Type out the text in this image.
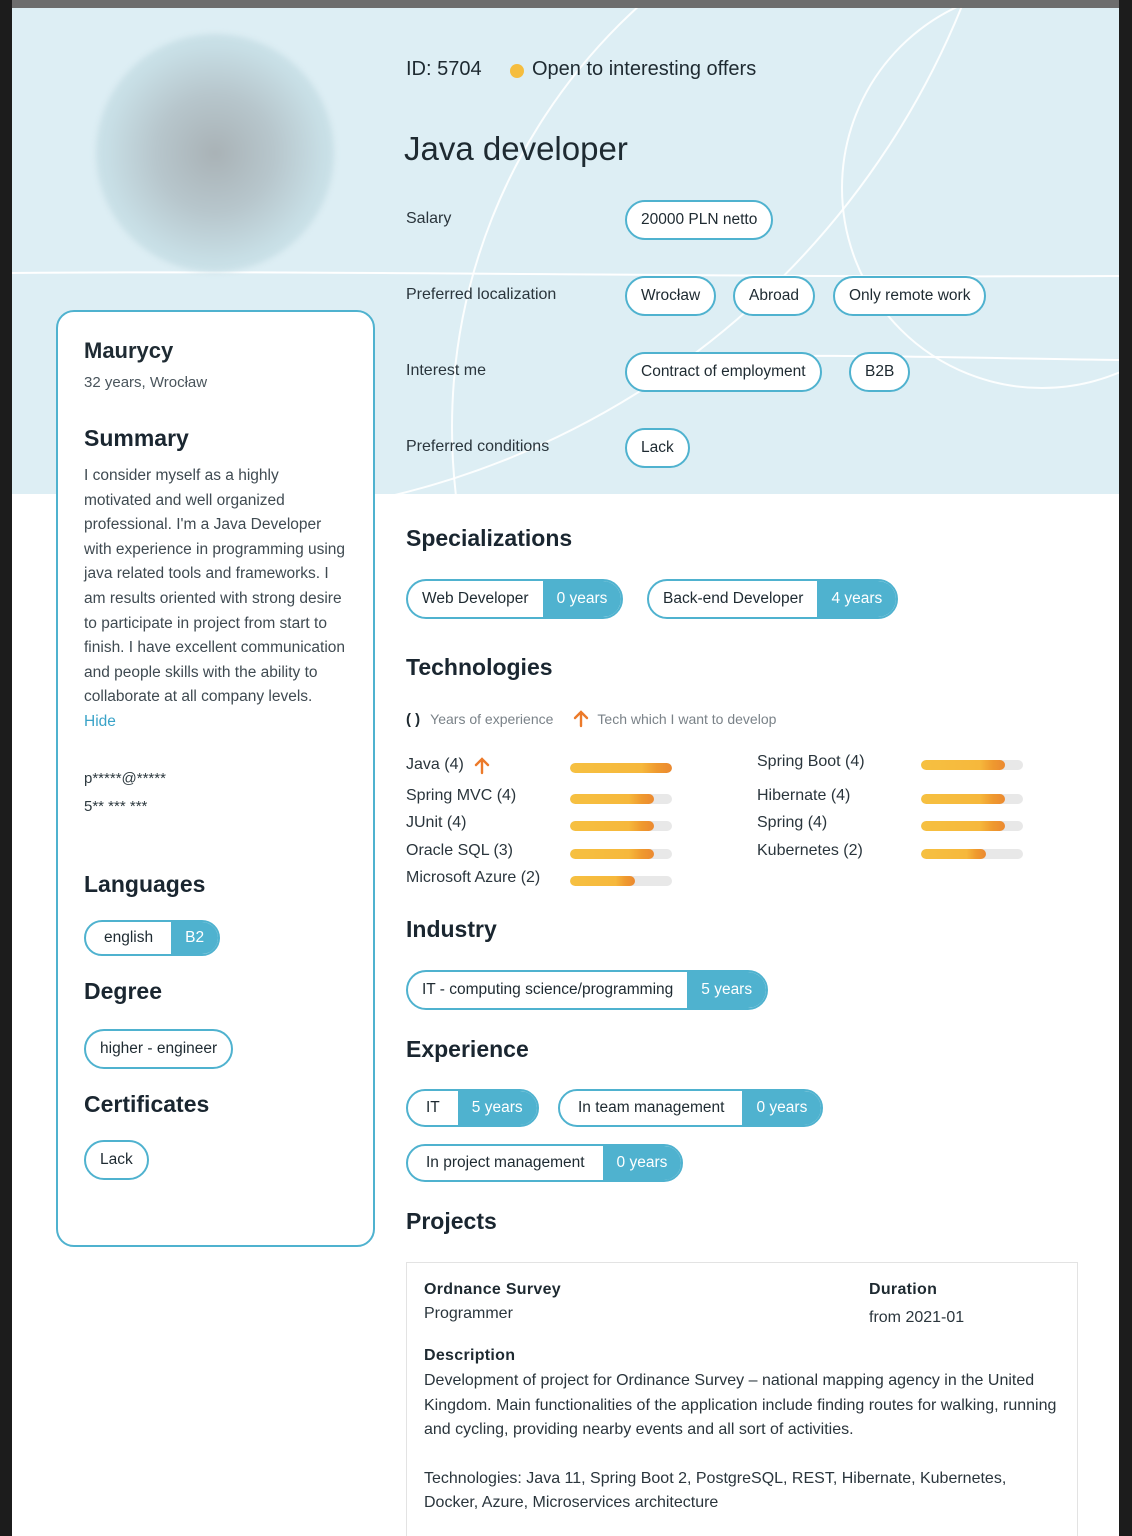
ID: 5704	Open to interesting offers
Java developer
Salary	20000 PLN netto
Preferred localization	Wrocław	Abroad	Only remote work
Interest me	Contract of employment	B2B
Preferred conditions	Lack
Maurycy
32 years, Wrocław
Summary
I consider myself as a highly motivated and well organized professional. I'm a Java Developer with experience in programming using java related tools and frameworks. I am results oriented with strong desire to participate in project from start to finish. I have excellent communication and people skills with the ability to collaborate at all company levels.
Hide
p*****@*****
5** *** ***
Languages
english	B2
Degree
higher - engineer
Certificates
Lack
Specializations
Web Developer	0 years	Back-end Developer	4 years
Technologies
( ) Years of experience	Tech which I want to develop
Java (4)
Spring MVC (4)
JUnit (4)
Oracle SQL (3)
Microsoft Azure (2)
Spring Boot (4)
Hibernate (4)
Spring (4)
Kubernetes (2)
Industry
IT - computing science/programming	5 years
Experience
IT	5 years	In team management	0 years
In project management	0 years
Projects
Ordnance Survey
Programmer
Duration
from 2021-01
Description
Development of project for Ordinance Survey – national mapping agency in the United Kingdom. Main functionalities of the application include finding routes for walking, running and cycling, providing nearby events and all sort of activities.
Technologies: Java 11, Spring Boot 2, PostgreSQL, REST, Hibernate, Kubernetes, Docker, Azure, Microservices architecture
